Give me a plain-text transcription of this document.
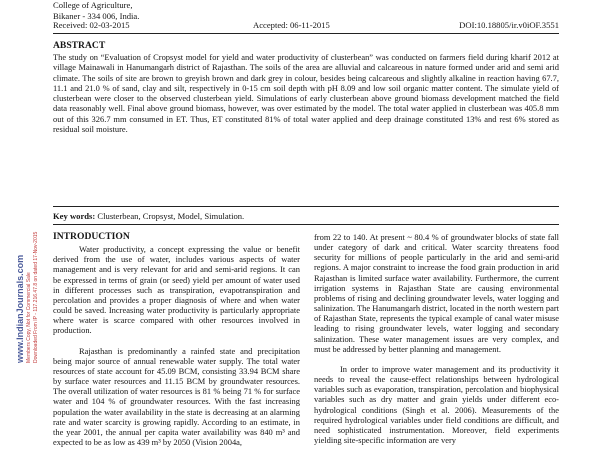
College of Agriculture,
Bikaner - 334 006, India.
Received: 02-03-2015	Accepted: 06-11-2015	DOI:10.18805/ir.v0iOF.3551
ABSTRACT
The study on “Evaluation of Cropsyst model for yield and water productivity of clusterbean” was conducted on farmers field during kharif 2012 at village Mainawali in Hanumangarh district of Rajasthan. The soils of the area are alluvial and calcareous in nature formed under arid and semi arid climate. The soils of site are brown to greyish brown and dark grey in colour, besides being calcareous and slightly alkaline in reaction having 67.7, 11.1 and 21.0 % of sand, clay and silt, respectively in 0-15 cm soil depth with pH 8.09 and low soil organic matter content. The simulate yield of clusterbean were closer to the observed clusterbean yield. Simulations of early clusterbean above ground biomass development matched the field data reasonably well. Final above ground biomass, however, was over estimated by the model. The total water applied in clusterbean was 405.8 mm out of this 326.7 mm consumed in ET. Thus, ET constituted 81% of total water applied and deep drainage constituted 13% and rest 6% stored as residual soil moisture.
Key words: Clusterbean, Cropsyst, Model, Simulation.
www.IndianJournals.com Members Copy, Not for Commercial Sale Downloaded From IP - 117.216.47.8 on dated 17-Nov-2015 INTRODUCTION

Water productivity, a concept expressing the value or benefit derived from the use of water, includes various aspects of water management and is very relevant for arid and semi-arid regions. It can be expressed in terms of grain (or seed) yield per amount of water used in different processes such as transpiration, evapotranspiration and percolation and provides a proper diagnosis of where and when water could be saved. Increasing water productivity is particularly appropriate where water is scarce compared with other resources involved in production.

Rajasthan is predominantly a rainfed state and precipitation being major source of annual renewable water supply. The total water resources of state account for 45.09 BCM, consisting 33.94 BCM share by surface water resources and 11.15 BCM by groundwater resources. The overall utilization of water resources is 81 % being 71 % for surface water and 104 % of groundwater resources. With the fast increasing population the water availability in the state is decreasing at an alarming rate and water scarcity is growing rapidly. According to an estimate, in the year 2001, the annual per capita water availability was 840 m³ and expected to be as low as 439 m³ by 2050 (Vision 2004a,

from 22 to 140. At present ~ 80.4 % of groundwater blocks of state fall under category of dark and critical. Water scarcity threatens food security for millions of people particularly in the arid and semi-arid regions. A major constraint to increase the food grain production in arid Rajasthan is limited surface water availability. Furthermore, the current irrigation systems in Rajasthan State are causing environmental problems of rising and declining groundwater levels, water logging and salinization. The Hanumangarh district, located in the north western part of Rajasthan State, represents the typical example of canal water misuse leading to rising groundwater levels, water logging and secondary salinization. These water management issues are very complex, and must be addressed by better planning and management.

In order to improve water management and its productivity it needs to reveal the cause-effect relationships between hydrological variables such as evaporation, transpiration, percolation and biophysical variables such as dry matter and grain yields under different eco-hydrological conditions (Singh et al. 2006). Measurements of the required hydrological variables under field conditions are difficult, and need sophisticated instrumentation. Moreover, field experiments yielding site-specific information are very
